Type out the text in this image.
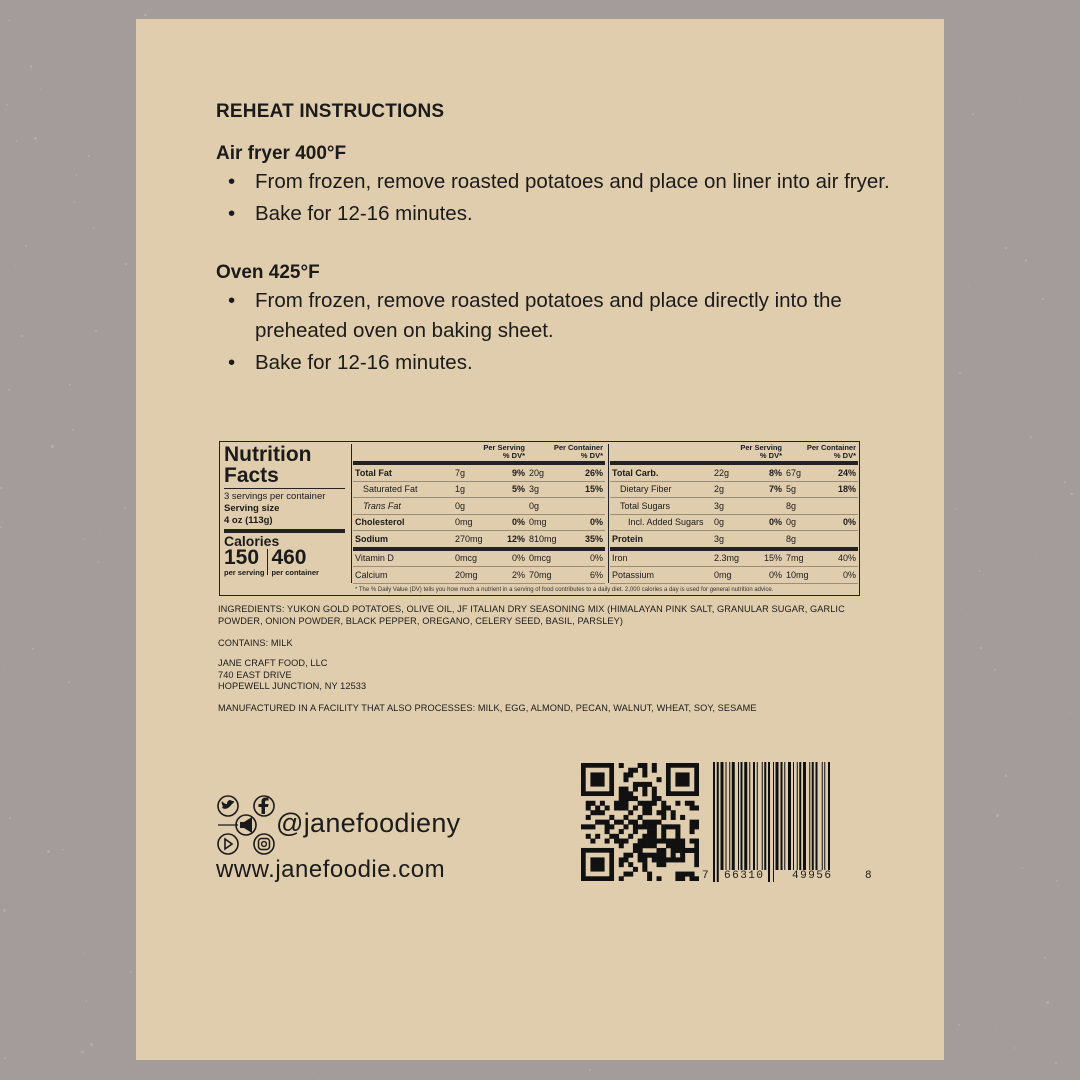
REHEAT INSTRUCTIONS
Air fryer 400°F
• From frozen, remove roasted potatoes and place on liner into air fryer.
• Bake for 12-16 minutes.
Oven 425°F
• From frozen, remove roasted potatoes and place directly into the preheated oven on baking sheet.
• Bake for 12-16 minutes.
Nutrition Facts
3 servings per container
Serving size
4 oz (113g)
Calories
150
per serving
460
per container
	Per Serving
% DV*		Per Container
% DV*	
Total Fat	7g	9%	20g	26%
Saturated Fat	1g	5%	3g	15%
Trans Fat	0g		0g	
Cholesterol	0mg	0%	0mg	0%
Sodium	270mg	12%	810mg	35%
Vitamin D	0mcg	0%	0mcg	0%
Calcium	20mg	2%	70mg	6%
	Per Serving
% DV*		Per Container
% DV*	
Total Carb.	22g	8%	67g	24%
Dietary Fiber	2g	7%	5g	18%
Total Sugars	3g		8g	
Incl. Added Sugars	0g	0%	0g	0%
Protein	3g		8g	
Iron	2.3mg	15%	7mg	40%
Potassium	0mg	0%	10mg	0%
* The % Daily Value (DV) tells you how much a nutrient in a serving of food contributes to a daily diet. 2,000 calories a day is used for general nutrition advice.
INGREDIENTS: YUKON GOLD POTATOES, OLIVE OIL, JF ITALIAN DRY SEASONING MIX (HIMALAYAN PINK SALT, GRANULAR SUGAR, GARLIC POWDER, ONION POWDER, BLACK PEPPER, OREGANO, CELERY SEED, BASIL, PARSLEY)
CONTAINS: MILK
JANE CRAFT FOOD, LLC
740 EAST DRIVE
HOPEWELL JUNCTION, NY 12533
MANUFACTURED IN A FACILITY THAT ALSO PROCESSES: MILK, EGG, ALMOND, PECAN, WALNUT, WHEAT, SOY, SESAME
@janefoodieny
www.janefoodie.com	7 66310 49956	8
